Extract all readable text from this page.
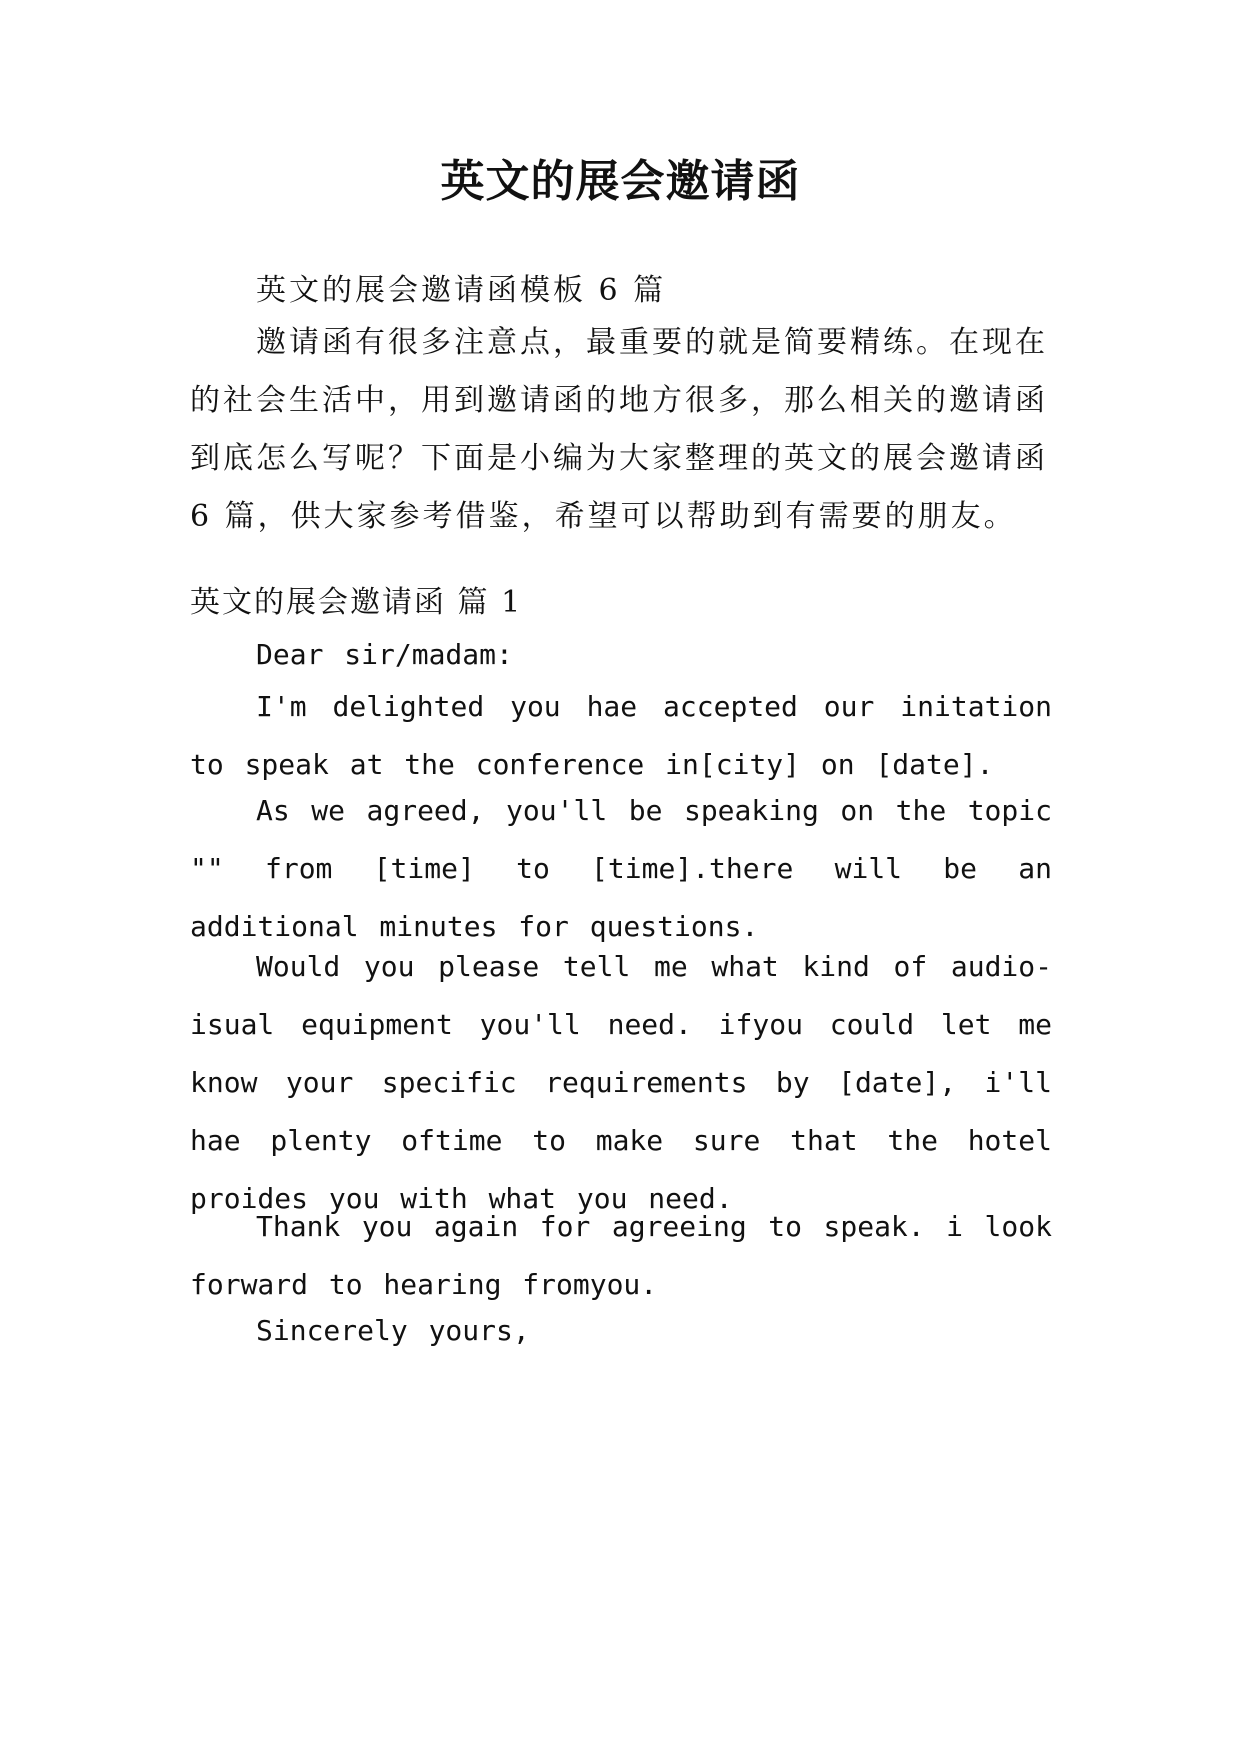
英文的展会邀请函
英文的展会邀请函模板 6 篇
邀请函有很多注意点，最重要的就是简要精练。在现在的社会生活中，用到邀请函的地方很多，那么相关的邀请函到底怎么写呢？下面是小编为大家整理的英文的展会邀请函 6 篇，供大家参考借鉴，希望可以帮助到有需要的朋友。
英文的展会邀请函 篇 1
Dear sir/madam:
I'm delighted you hae accepted our initation to speak at the conference in[city] on [date].
As we agreed, you'll be speaking on the topic "" from [time] to [time].there will be an additional minutes for questions.
Would you please tell me what kind of audio-isual equipment you'll need. ifyou could let me know your specific requirements by [date], i'll hae plenty oftime to make sure that the hotel proides you with what you need.
Thank you again for agreeing to speak. i look forward to hearing fromyou.
Sincerely yours,
